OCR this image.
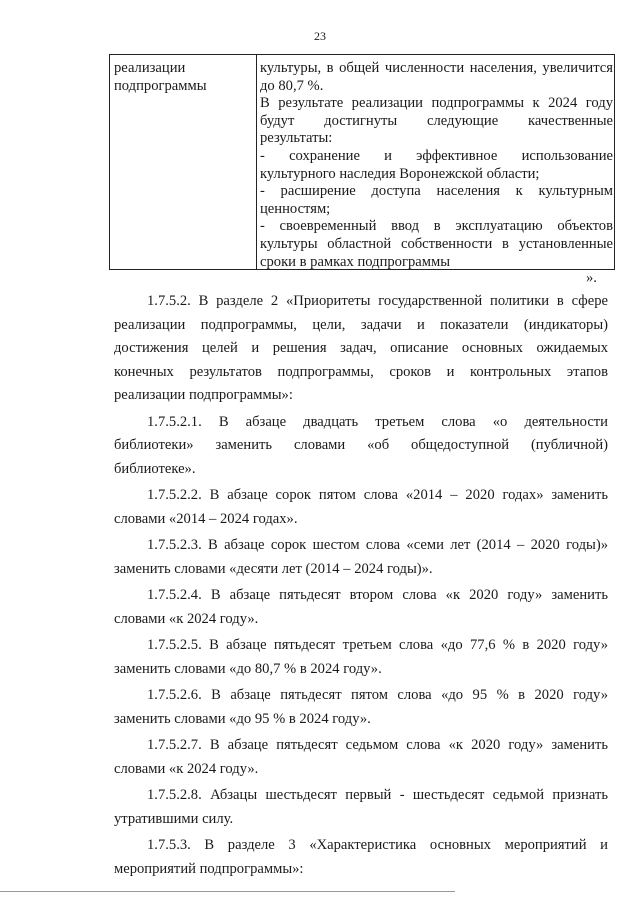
23
реализации
подпрограммы
культуры, в общей численности населения, увеличится
до 80,7 %.
В результате реализации подпрограммы к 2024 году
будут достигнуты следующие качественные
результаты:
- сохранение и эффективное использование
культурного наследия Воронежской области;
- расширение доступа населения к культурным
ценностям;
- своевременный ввод в эксплуатацию объектов
культуры областной собственности в установленные
сроки в рамках подпрограммы
».
1.7.5.2. В разделе 2 «Приоритеты государственной политики в сфере
реализации подпрограммы, цели, задачи и показатели (индикаторы)
достижения целей и решения задач, описание основных ожидаемых
конечных результатов подпрограммы, сроков и контрольных этапов
реализации подпрограммы»:
1.7.5.2.1. В абзаце двадцать третьем слова «о деятельности
библиотеки» заменить словами «об общедоступной (публичной)
библиотеке».
1.7.5.2.2. В абзаце сорок пятом слова «2014 – 2020 годах» заменить
словами «2014 – 2024 годах».
1.7.5.2.3. В абзаце сорок шестом слова «семи лет (2014 – 2020 годы)»
заменить словами «десяти лет (2014 – 2024 годы)».
1.7.5.2.4. В абзаце пятьдесят втором слова «к 2020 году» заменить
словами «к 2024 году».
1.7.5.2.5. В абзаце пятьдесят третьем слова «до 77,6 % в 2020 году»
заменить словами «до 80,7 % в 2024 году».
1.7.5.2.6. В абзаце пятьдесят пятом слова «до 95 % в 2020 году»
заменить словами «до 95 % в 2024 году».
1.7.5.2.7. В абзаце пятьдесят седьмом слова «к 2020 году» заменить
словами «к 2024 году».
1.7.5.2.8. Абзацы шестьдесят первый - шестьдесят седьмой признать
утратившими силу.
1.7.5.3. В разделе 3 «Характеристика основных мероприятий и
мероприятий подпрограммы»:
